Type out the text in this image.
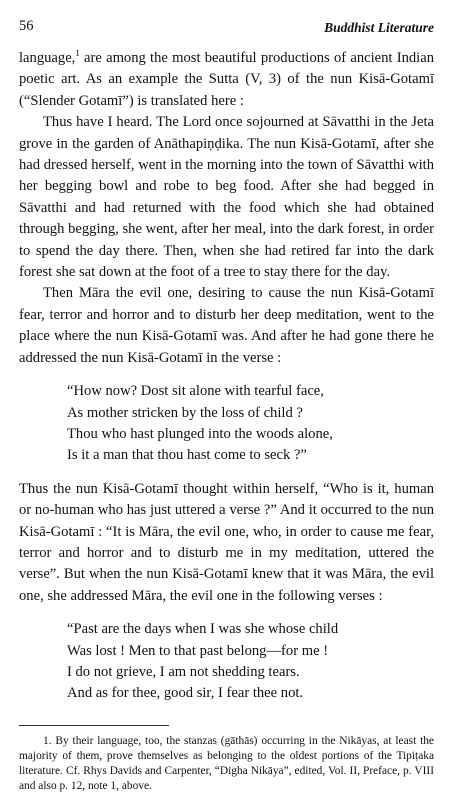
56	Buddhist Literature

language,$^1$ are among the most beautiful productions of ancient Indian poetic art. As an example the Sutta (V, 3) of the nun Kisā-Gotamī (“Slender Gotamī”) is translated here :

Thus have I heard. The Lord once sojourned at Sāvatthi in the Jeta grove in the garden of Anāthapiṇḍika. The nun Kisā-Gotamī, after she had dressed herself, went in the morning into the town of Sāvatthi with her begging bowl and robe to beg food. After she had begged in Sāvatthi and had returned with the food which she had obtained through begging, she went, after her meal, into the dark forest, in order to spend the day there. Then, when she had retired far into the dark forest she sat down at the foot of a tree to stay there for the day.

Then Māra the evil one, desiring to cause the nun Kisā-Gotamī fear, terror and horror and to disturb her deep meditation, went to the place where the nun Kisā-Gotamī was. And after he had gone there he addressed the nun Kisā-Gotamī in the verse :

“How now? Dost sit alone with tearful face,
As mother stricken by the loss of child ?
Thou who hast plunged into the woods alone,
Is it a man that thou hast come to seck ?”

Thus the nun Kisā-Gotamī thought within herself, “Who is it, human or no-human who has just uttered a verse ?” And it occurred to the nun Kisā-Gotamī : “It is Māra, the evil one, who, in order to cause me fear, terror and horror and to disturb me in my meditation, uttered the verse”. But when the nun Kisā-Gotamī knew that it was Māra, the evil one, she addressed Māra, the evil one in the following verses :

“Past are the days when I was she whose child
Was lost ! Men to that past belong—for me !
I do not grieve, I am not shedding tears.
And as for thee, good sir, I fear thee not.

1. By their language, too, the stanzas (gāthās) occurring in the Nikāyas, at least the majority of them, prove themselves as belonging to the oldest portions of the Tipiṭaka literature. Cf. Rhys Davids and Carpenter, “Digha Nikāya”, edited, Vol. II, Preface, p. VIII and also p. 12, note 1, above.
